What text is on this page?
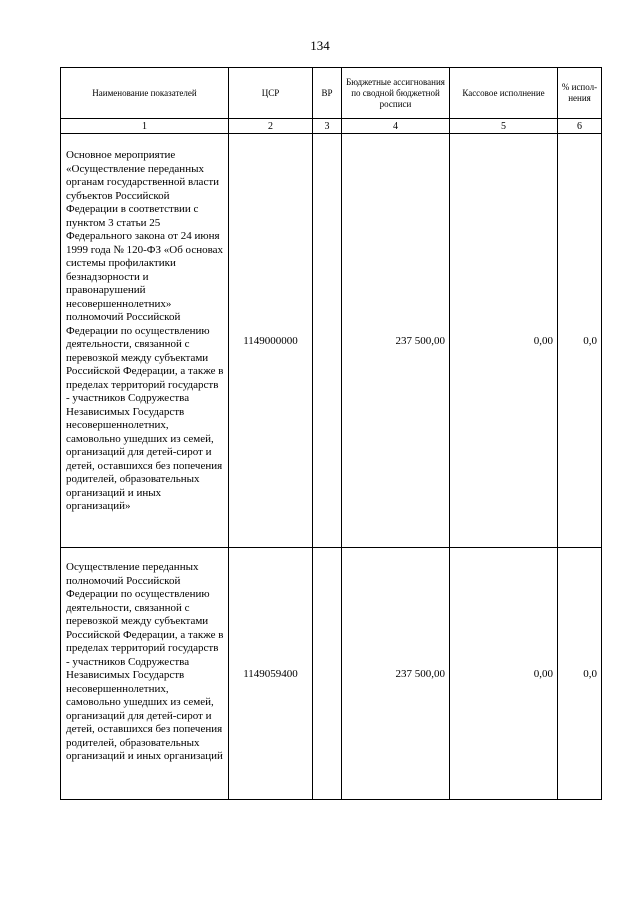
134
Наименование показателей	ЦСР	ВР	Бюджетные ассигнования по сводной бюджетной росписи	Кассовое исполнение	% испол-нения
1	2	3	4	5	6

Основное мероприятие «Осуществление переданных органам государственной власти субъектов Российской Федерации в соответствии с пунктом 3 статьи 25 Федерального закона от 24 июня 1999 года № 120-ФЗ «Об основах системы профилактики безнадзорности и правонарушений несовершеннолетних» полномочий Российской Федерации по осуществлению деятельности, связанной с перевозкой между субъектами Российской Федерации, а также в пределах территорий государств - участников Содружества Независимых Государств несовершеннолетних, самовольно ушедших из семей, организаций для детей-сирот и детей, оставшихся без попечения родителей, образовательных организаций и иных организаций»	1149000000		237 500,00	0,00	0,0

Осуществление переданных полномочий Российской Федерации по осуществлению деятельности, связанной с перевозкой между субъектами Российской Федерации, а также в пределах территорий государств - участников Содружества Независимых Государств несовершеннолетних, самовольно ушедших из семей, организаций для детей-сирот и детей, оставшихся без попечения родителей, образовательных организаций и иных организаций	1149059400		237 500,00	0,00	0,0
